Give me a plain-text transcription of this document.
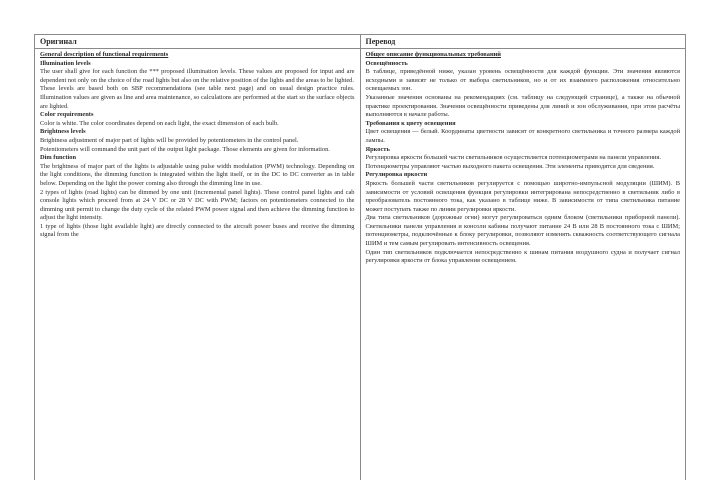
Оригинал
General description of functional requirements
Illumination levels
The user shall give for each function the *** proposed illumination levels. These values are proposed for input and are dependent not only on the choice of the road lights but also on the relative position of the lights and the areas to be lighted.
These levels are based both on SBP recommendations (see table next page) and on usual design practice rules. Illumination values are given as line and area maintenance, so calculations are performed at the start so the surface objects are lighted.
Color requirements
Color is white. The color coordinates depend on each light, the exact dimension of each bulb.
Brightness levels
Brightness adjustment of major part of lights will be provided by potentiometers in the control panel.
Potentiometers will command the unit part of the output light package. Those elements are given for information.
Dim function
The brightness of major part of the lights is adjustable using pulse width modulation (PWM) technology. Depending on the light conditions, the dimming function is integrated within the light itself, or in the DC to DC converter as in table below. Depending on the light the power coming also through the dimming line in use.
2 types of lights (road lights) can be dimmed by one unit (incremental panel lights). These control panel lights and cab console lights which proceed from at 24 V DC or 28 V DC with PWM; factors on potentiometers connected to the dimming unit permit to change the duty cycle of the related PWM power signal and then achieve the dimming function to adjust the light intensity.
1 type of lights (those light available light) are directly connected to the aircraft power buses and receive the dimming signal from the
Перевод
Общее описание функциональных требований
Освещённость
В таблице, приведённой ниже, указан уровень освещённости для каждой функции. Эти значения являются исходными и зависят не только от выбора светильников, но и от их взаимного расположения относительно освещаемых зон.
Указанные значения основаны на рекомендациях (см. таблицу на следующей странице), а также на обычной практике проектирования. Значения освещённости приведены для линий и зон обслуживания, при этом расчёты выполняются в начале работы.
Требования к цвету освещения
Цвет освещения — белый. Координаты цветности зависят от конкретного светильника и точного размера каждой лампы.
Яркость
Регулировка яркости большей части светильников осуществляется потенциометрами на панели управления.
Потенциометры управляют частью выходного пакета освещения. Эти элементы приводятся для сведения.
Регулировка яркости
Яркость большей части светильников регулируется с помощью широтно-импульсной модуляции (ШИМ). В зависимости от условий освещения функция регулировки интегрирована непосредственно в светильник либо в преобразователь постоянного тока, как указано в таблице ниже. В зависимости от типа светильника питание может поступать также по линии регулировки яркости.
Два типа светильников (дорожные огни) могут регулироваться одним блоком (светильники приборной панели). Светильники панели управления и консоли кабины получают питание 24 В или 28 В постоянного тока с ШИМ; потенциометры, подключённые к блоку регулировки, позволяют изменять скважность соответствующего сигнала ШИМ и тем самым регулировать интенсивность освещения.
Один тип светильников подключается непосредственно к шинам питания воздушного судна и получает сигнал регулировки яркости от блока управления освещением.
